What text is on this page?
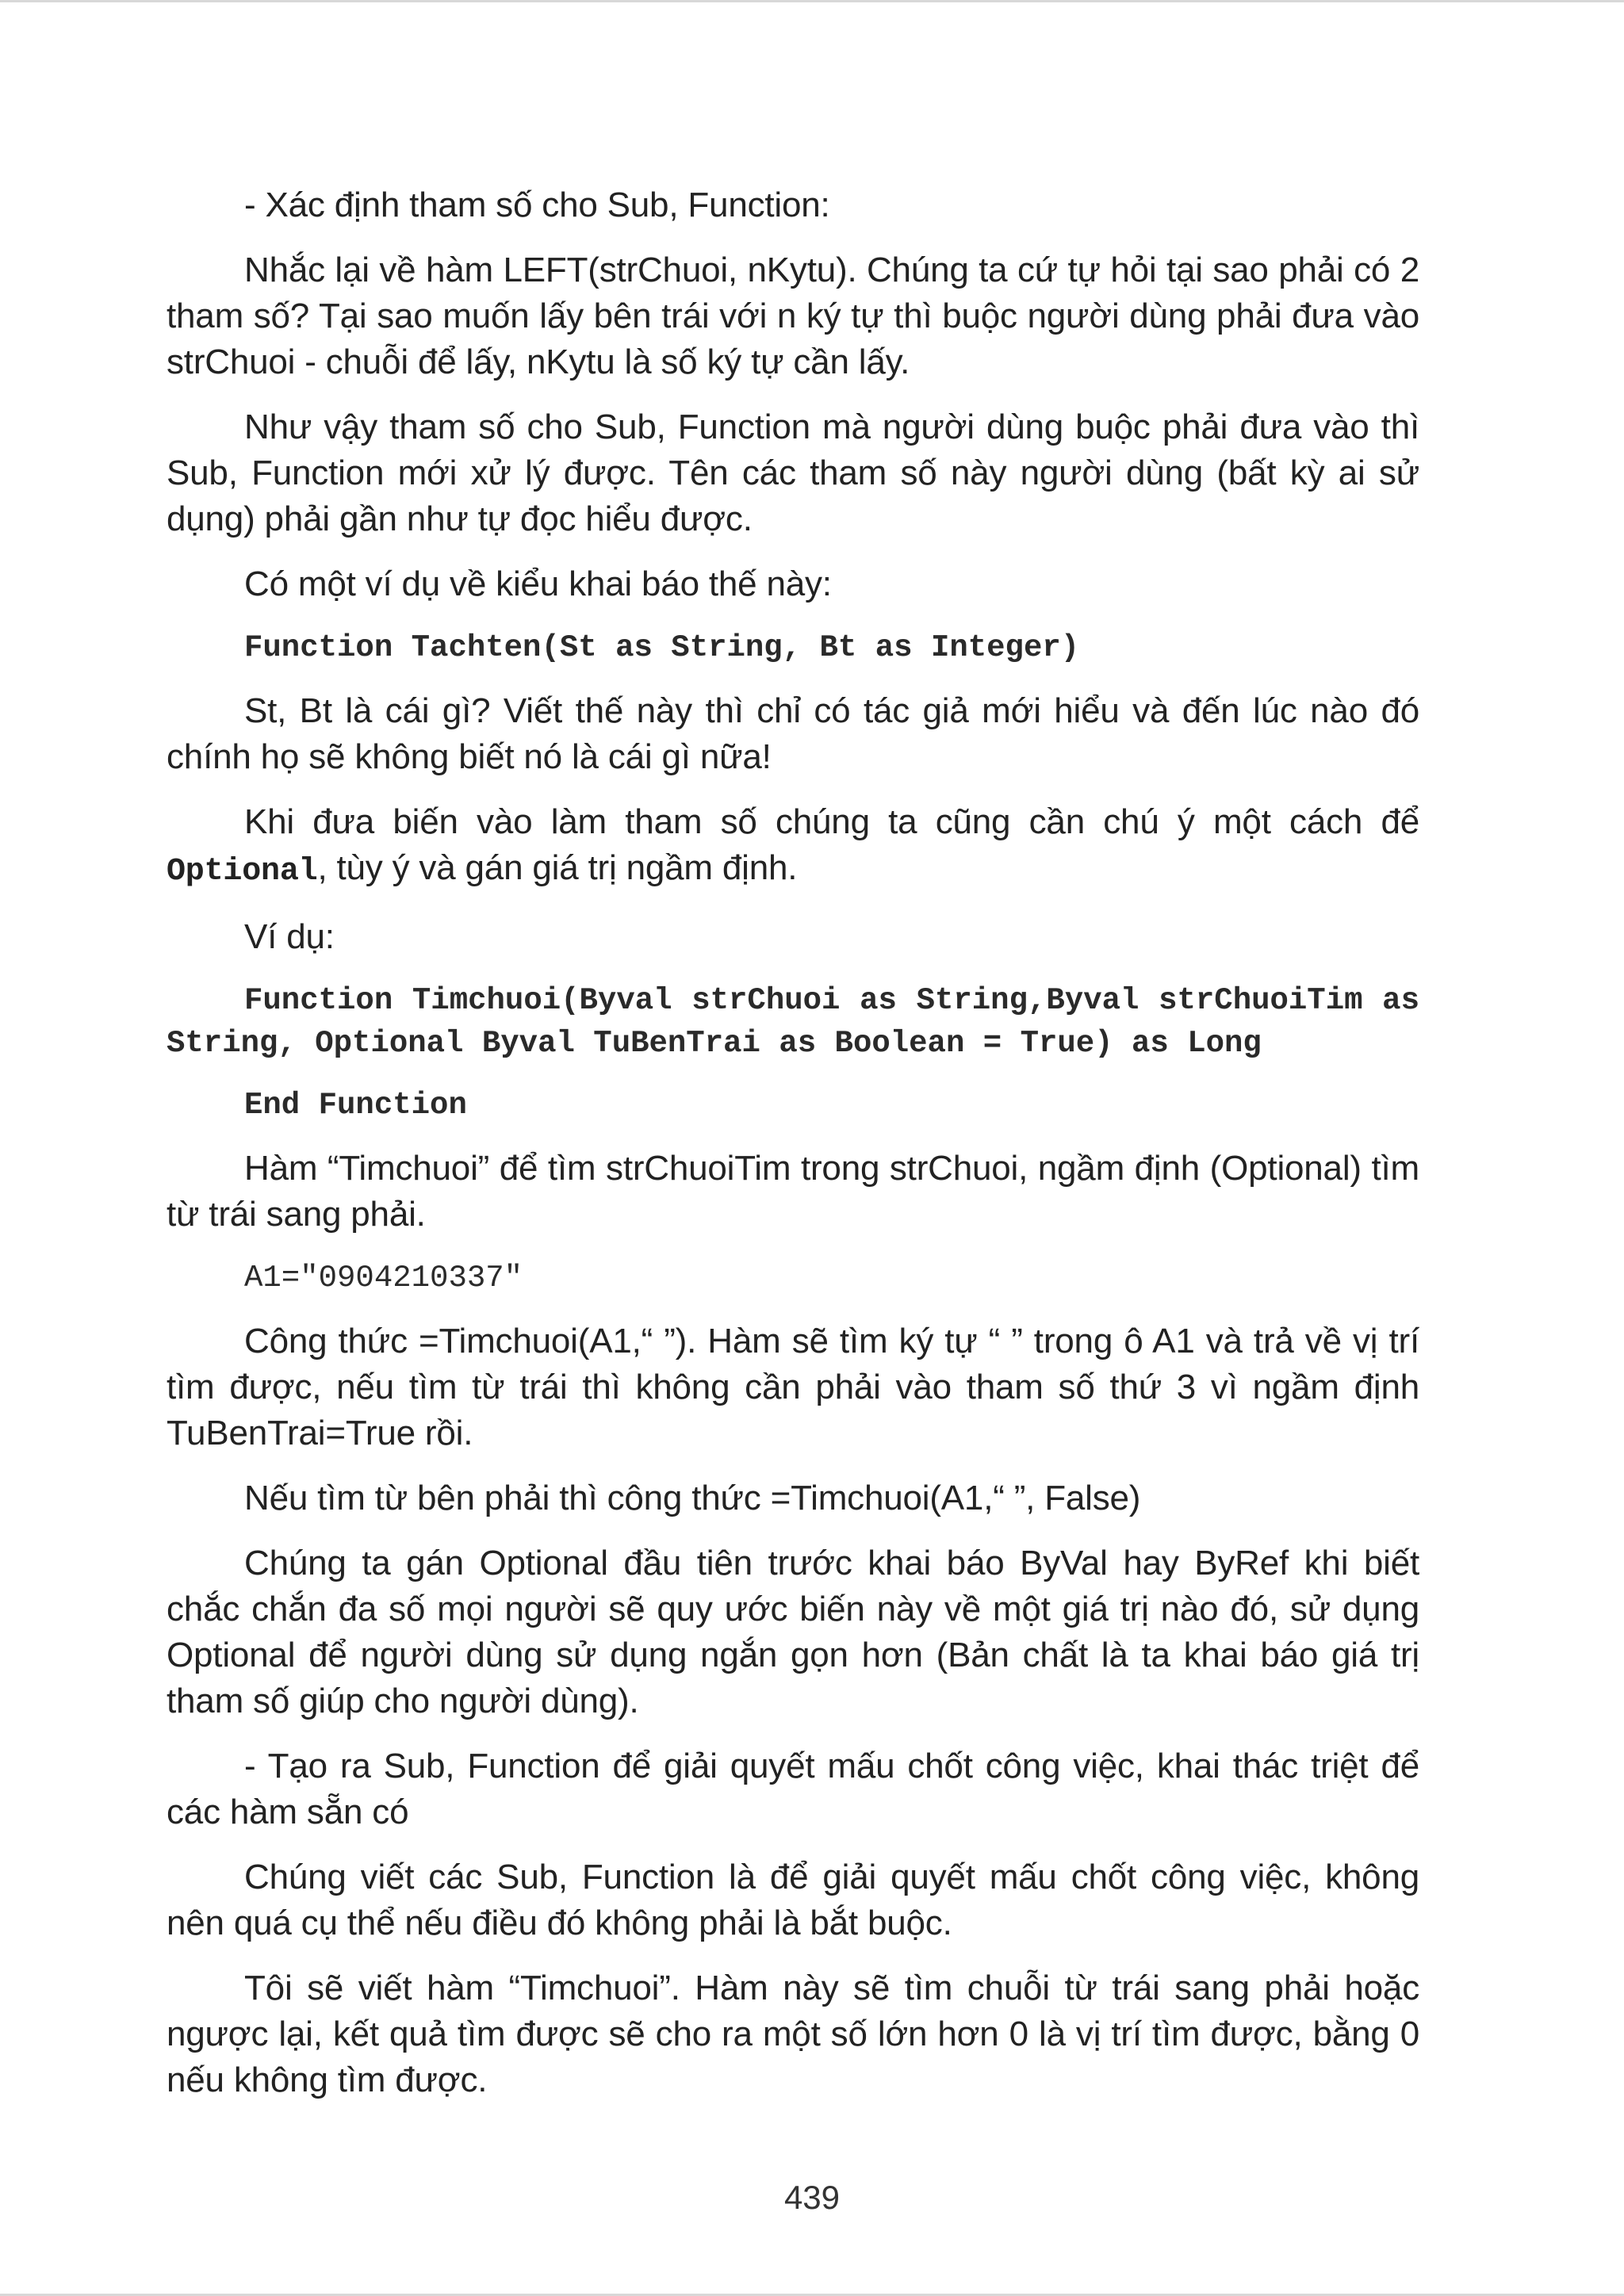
- Xác định tham số cho Sub, Function:

Nhắc lại về hàm LEFT(strChuoi, nKytu). Chúng ta cứ tự hỏi tại sao phải có 2 tham số? Tại sao muốn lấy bên trái với n ký tự thì buộc người dùng phải đưa vào strChuoi - chuỗi để lấy, nKytu là số ký tự cần lấy.

Như vậy tham số cho Sub, Function mà người dùng buộc phải đưa vào thì Sub, Function mới xử lý được. Tên các tham số này người dùng (bất kỳ ai sử dụng) phải gần như tự đọc hiểu được.

Có một ví dụ về kiểu khai báo thế này:

Function Tachten(St as String, Bt as Integer)

St, Bt là cái gì? Viết thế này thì chỉ có tác giả mới hiểu và đến lúc nào đó chính họ sẽ không biết nó là cái gì nữa!

Khi đưa biến vào làm tham số chúng ta cũng cần chú ý một cách để Optional, tùy ý và gán giá trị ngầm định.

Ví dụ:

Function Timchuoi(Byval strChuoi as String,Byval strChuoiTim as String, Optional Byval TuBenTrai as Boolean = True) as Long

End Function

Hàm “Timchuoi” để tìm strChuoiTim trong strChuoi, ngầm định (Optional) tìm từ trái sang phải.

A1=″0904210337″

Công thức =Timchuoi(A1,“ ”). Hàm sẽ tìm ký tự “ ” trong ô A1 và trả về vị trí tìm được, nếu tìm từ trái thì không cần phải vào tham số thứ 3 vì ngầm định TuBenTrai=True rồi.

Nếu tìm từ bên phải thì công thức =Timchuoi(A1,“ ”, False)

Chúng ta gán Optional đầu tiên trước khai báo ByVal hay ByRef khi biết chắc chắn đa số mọi người sẽ quy ước biến này về một giá trị nào đó, sử dụng Optional để người dùng sử dụng ngắn gọn hơn (Bản chất là ta khai báo giá trị tham số giúp cho người dùng).

- Tạo ra Sub, Function để giải quyết mấu chốt công việc, khai thác triệt để các hàm sẵn có

Chúng viết các Sub, Function là để giải quyết mấu chốt công việc, không nên quá cụ thể nếu điều đó không phải là bắt buộc.

Tôi sẽ viết hàm “Timchuoi”. Hàm này sẽ tìm chuỗi từ trái sang phải hoặc ngược lại, kết quả tìm được sẽ cho ra một số lớn hơn 0 là vị trí tìm được, bằng 0 nếu không tìm được.

439
